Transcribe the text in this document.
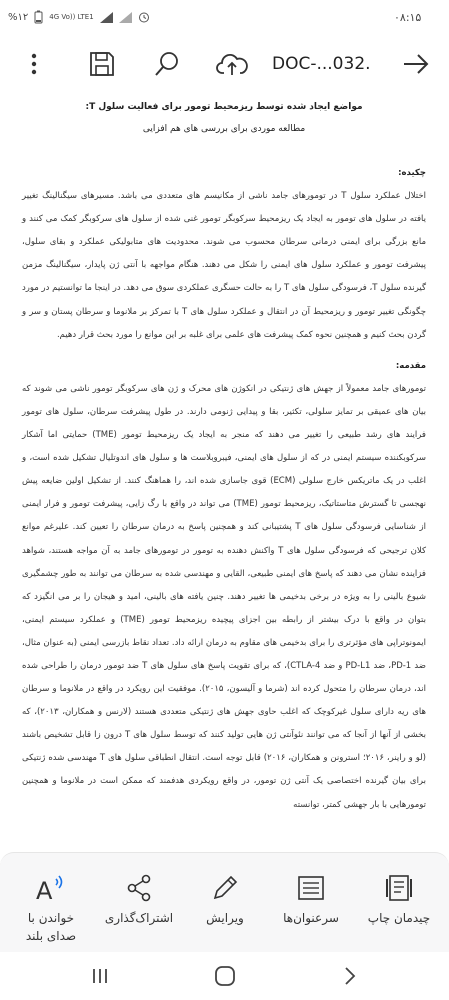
%۱۲	4G Vo)) LTE1	۰۸:۱۵
DOC-...032.
مواضع ایجاد شده توسط ریزمحیط تومور برای فعالیت سلول T:
مطالعه موردی برای بررسی های هم افزایی
چکیده:

اختلال عملکرد سلول T در تومورهای جامد ناشی از مکانیسم های متعددی می باشد. مسیرهای سیگنالینگ تغییر یافته در سلول های تومور به ایجاد یک ریزمحیط سرکوبگر تومور غنی شده از سلول های سرکوبگر کمک می کنند و مانع بزرگی برای ایمنی درمانی سرطان محسوب می شوند. محدودیت های متابولیکی عملکرد و بقای سلول، پیشرفت تومور و عملکرد سلول های ایمنی را شکل می دهند. هنگام مواجهه با آنتی ژن پایدار، سیگنالینگ مزمن گیرنده سلول T، فرسودگی سلول های T را به حالت حسگری عملکردی سوق می دهد. در اینجا ما توانستیم در مورد چگونگی تغییر تومور و ریزمحیط آن در انتقال و عملکرد سلول های T با تمرکز بر ملانوما و سرطان پستان و سر و گردن بحث کنیم و همچنین نحوه کمک پیشرفت های علمی برای غلبه بر این موانع را مورد بحث قرار دهیم.

مقدمه:

تومورهای جامد معمولاً از جهش های ژنتیکی در انکوژن های محرک و ژن های سرکوبگر تومور ناشی می شوند که بیان های عمیقی بر تمایز سلولی، تکثیر، بقا و پیدایی ژنومی دارند. در طول پیشرفت سرطان، سلول های تومور فرایند های رشد طبیعی را تغییر می دهند که منجر به ایجاد یک ریزمحیط تومور (TME) حمایتی اما آشکار سرکوبکننده سیستم ایمنی در که از سلول های ایمنی، فیبروبلاست ها و سلول های اندوتلیال تشکیل شده است، و اغلب در یک ماتریکس خارج سلولی (ECM) قوی جاسازی شده اند، را هماهنگ کنند. از تشکیل اولین ضایعه پیش نهجسی تا گسترش متاستاتیک، ریزمحیط تومور (TME) می تواند در واقع با رگ زایی، پیشرفت تومور و فرار ایمنی از شناسایی فرسودگی سلول های T پشتیبانی کند و همچنین پاسخ به درمان سرطان را تعیین کند. علیرغم موانع کلان ترجیحی که فرسودگی سلول های T واکنش دهنده به تومور در تومورهای جامد به آن مواجه هستند، شواهد فزاینده نشان می دهند که پاسخ های ایمنی طبیعی، القایی و مهندسی شده به سرطان می توانند به طور چشمگیری شیوع بالینی را به ویژه در برخی بدخیمی ها تغییر دهند. چنین یافته های بالینی، امید و هیجان را بر می انگیزد که بتوان در واقع با درک بیشتر از رابطه بین اجزای پیچیده ریزمحیط تومور (TME) و عملکرد سیستم ایمنی، ایمونوتراپی های مؤثرتری را برای بدخیمی های مقاوم به درمان ارائه داد. تعداد نقاط بازرسی ایمنی (به عنوان مثال، ضد PD-1، ضد PD-L1 و ضد CTLA-4)، که برای تقویت پاسخ های سلول های T ضد تومور درمان را طراحی شده اند، درمان سرطان را متحول کرده اند (شرما و آلیسون، ۲۰۱۵). موفقیت این رویکرد در واقع در ملانوما و سرطان های ریه دارای سلول غیرکوچک که اغلب حاوی جهش های ژنتیکی متعددی هستند (لارنس و همکاران، ۲۰۱۳)، که بخشی از آنها از آنجا که می توانند نئوآنتی ژن هایی تولید کنند که توسط سلول های T درون زا قابل تشخیص باشند (لو و راینر، ۲۰۱۶؛ استرونن و همکاران، ۲۰۱۶) قابل توجه است. انتقال انطباقی سلول های T مهندسی شده ژنتیکی برای بیان گیرنده اختصاصی یک آنتی ژن تومور، در واقع رویکردی هدفمند که ممکن است در ملانوما و همچنین تومورهایی با بار جهشی کمتر، توانسته

چیدمان چاپ
سرعنوان‌ها
ویرایش
اشتراک‌گذاری
A
خواندن با صدای بلند
